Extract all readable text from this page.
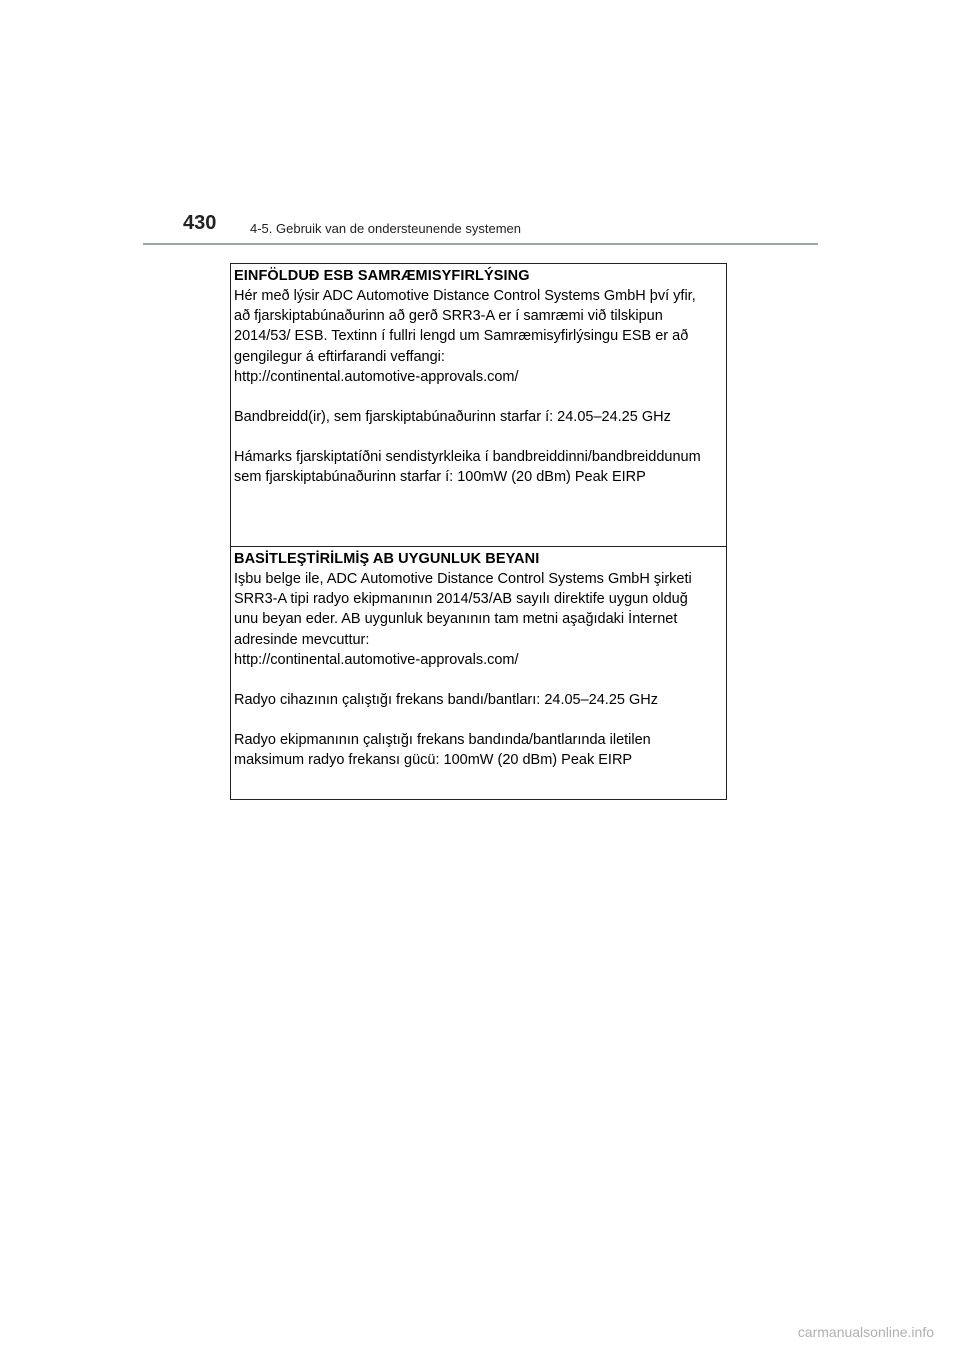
430	4-5. Gebruik van de ondersteunende systemen
EINFÖLDUÐ ESB SAMRÆMISYFIRLÝSING
Hér með lýsir ADC Automotive Distance Control Systems GmbH því yfir,
að fjarskiptabúnaðurinn að gerð SRR3-A er í samræmi við tilskipun
2014/53/ ESB. Textinn í fullri lengd um Samræmisyfirlýsingu ESB er að
gengilegur á eftirfarandi veffangi:
http://continental.automotive-approvals.com/
Bandbreidd(ir), sem fjarskiptabúnaðurinn starfar í: 24.05–24.25 GHz
Hámarks fjarskiptatíðni sendistyrkleika í bandbreiddinni/bandbreiddunum
sem fjarskiptabúnaðurinn starfar í: 100mW (20 dBm) Peak EIRP
BASİTLEŞTİRİLMİŞ AB UYGUNLUK BEYANI
Işbu belge ile, ADC Automotive Distance Control Systems GmbH şirketi
SRR3-A tipi radyo ekipmanının 2014/53/AB sayılı direktife uygun olduğ
unu beyan eder. AB uygunluk beyanının tam metni aşağıdaki İnternet
adresinde mevcuttur:
http://continental.automotive-approvals.com/
Radyo cihazının çalıştığı frekans bandı/bantları: 24.05–24.25 GHz
Radyo ekipmanının çalıştığı frekans bandında/bantlarında iletilen
maksimum radyo frekansı gücü: 100mW (20 dBm) Peak EIRP
carmanualsonline.info
